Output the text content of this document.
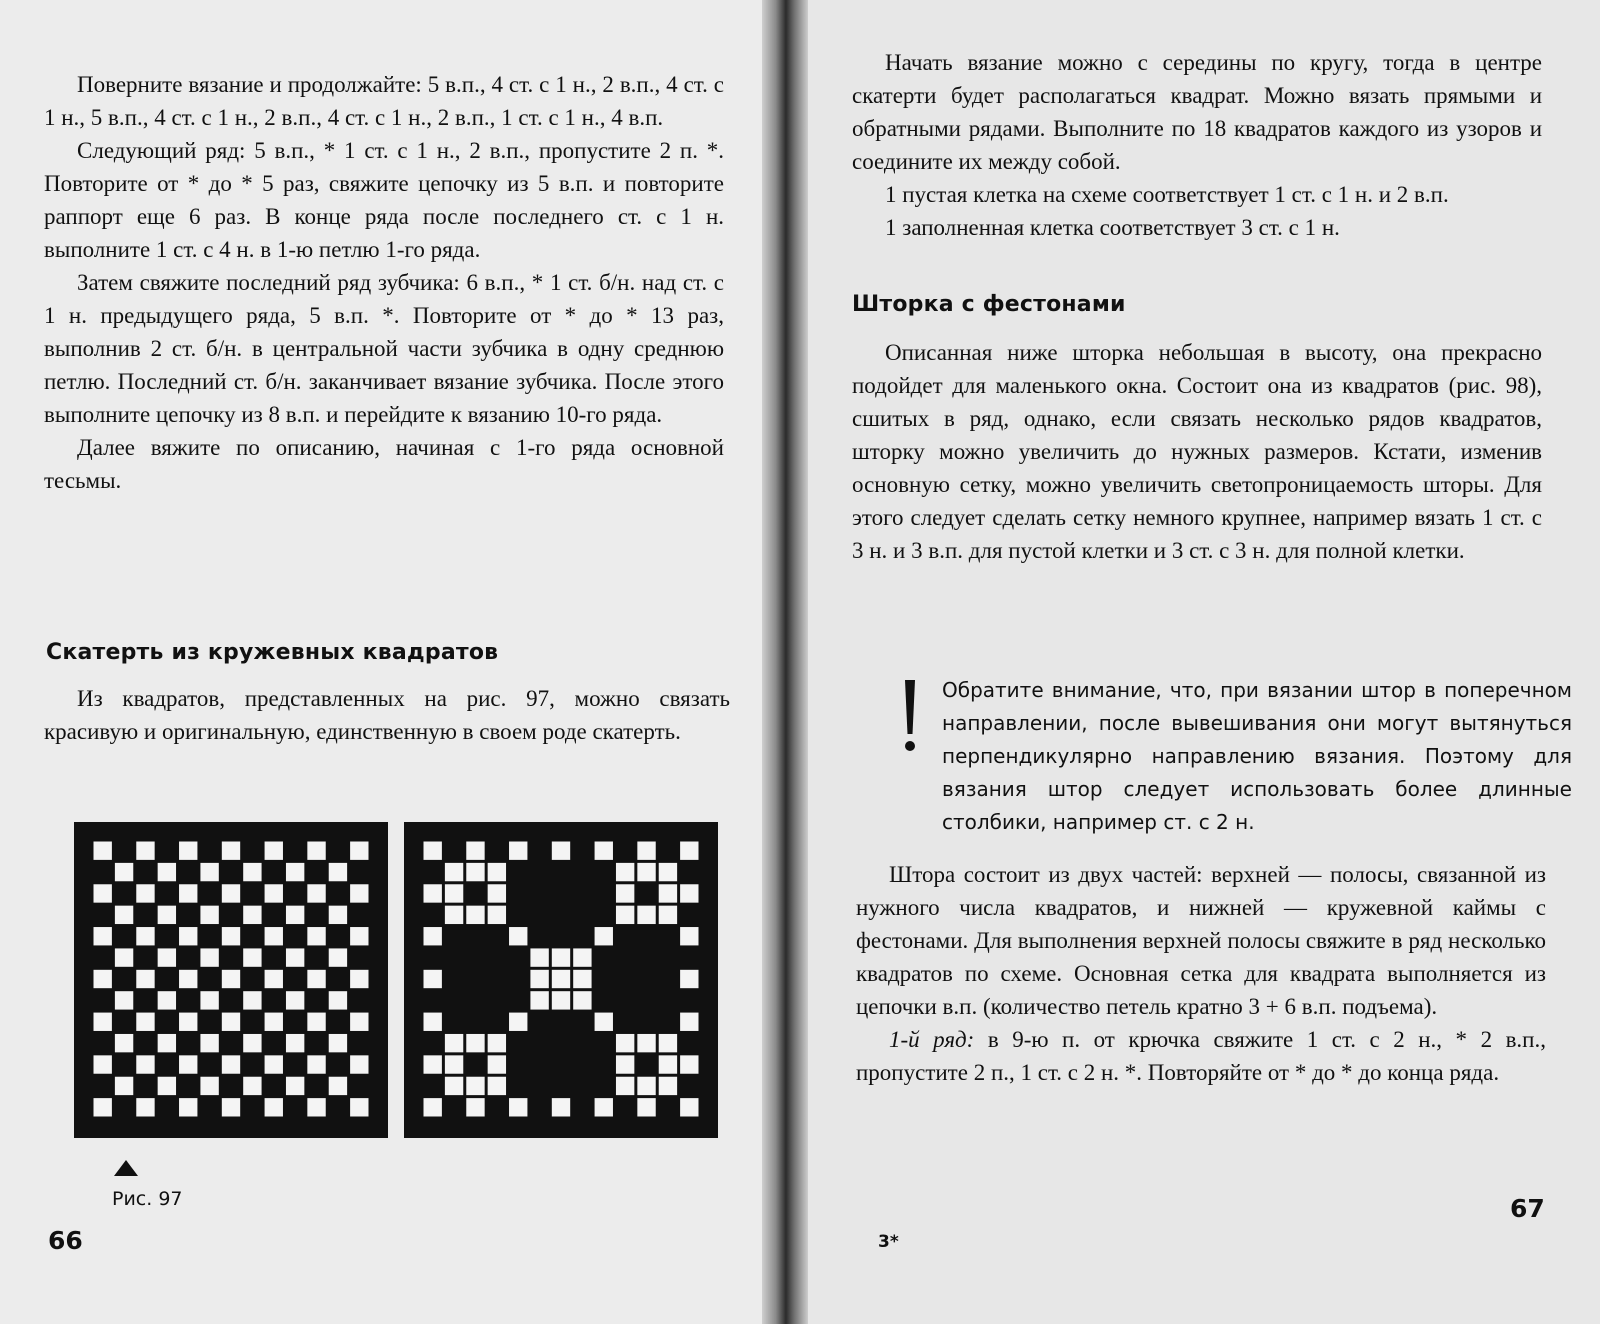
Поверните вязание и продолжайте: 5 в.п., 4 ст. с 1 н., 2 в.п., 4 ст. с 1 н., 5 в.п., 4 ст. с 1 н., 2 в.п., 4 ст. с 1 н., 2 в.п., 1 ст. с 1 н., 4 в.п.

Следующий ряд: 5 в.п., * 1 ст. с 1 н., 2 в.п., пропустите 2 п. *. Повторите от * до * 5 раз, свяжите цепочку из 5 в.п. и повторите раппорт еще 6 раз. В конце ряда после последнего ст. с 1 н. выполните 1 ст. с 4 н. в 1-ю петлю 1-го ряда.

Затем свяжите последний ряд зубчика: 6 в.п., * 1 ст. б/н. над ст. с 1 н. предыдущего ряда, 5 в.п. *. Повторите от * до * 13 раз, выполнив 2 ст. б/н. в центральной части зубчика в одну среднюю петлю. Последний ст. б/н. заканчивает вязание зубчика. После этого выполните цепочку из 8 в.п. и перейдите к вязанию 10-го ряда.

Далее вяжите по описанию, начиная с 1-го ряда основной тесьмы.

Скатерть из кружевных квадратов

Из квадратов, представленных на рис. 97, можно связать красивую и оригинальную, единственную в своем роде скатерть.

Рис. 97
66

Начать вязание можно с середины по кругу, тогда в центре скатерти будет располагаться квадрат. Можно вязать прямыми и обратными рядами. Выполните по 18 квадратов каждого из узоров и соедините их между собой.

1 пустая клетка на схеме соответствует 1 ст. с 1 н. и 2 в.п.

1 заполненная клетка соответствует 3 ст. с 1 н.

Шторка с фестонами

Описанная ниже шторка небольшая в высоту, она прекрасно подойдет для маленького окна. Состоит она из квадратов (рис. 98), сшитых в ряд, однако, если связать несколько рядов квадратов, шторку можно увеличить до нужных размеров. Кстати, изменив основную сетку, можно увеличить светопроницаемость шторы. Для этого следует сделать сетку немного крупнее, например вязать 1 ст. с 3 н. и 3 в.п. для пустой клетки и 3 ст. с 3 н. для полной клетки.

Обратите внимание, что, при вязании штор в поперечном направлении, после вывешивания они могут вытянуться перпендикулярно направлению вязания. Поэтому для вязания штор следует использовать более длинные столбики, например ст. с 2 н.

Штора состоит из двух частей: верхней — полосы, связанной из нужного числа квадратов, и нижней — кружевной каймы с фестонами. Для выполнения верхней полосы свяжите в ряд несколько квадратов по схеме. Основная сетка для квадрата выполняется из цепочки в.п. (количество петель кратно 3 + 6 в.п. подъема).

1-й ряд: в 9-ю п. от крючка свяжите 1 ст. с 2 н., * 2 в.п., пропустите 2 п., 1 ст. с 2 н. *. Повторяйте от * до * до конца ряда.

3*
67
